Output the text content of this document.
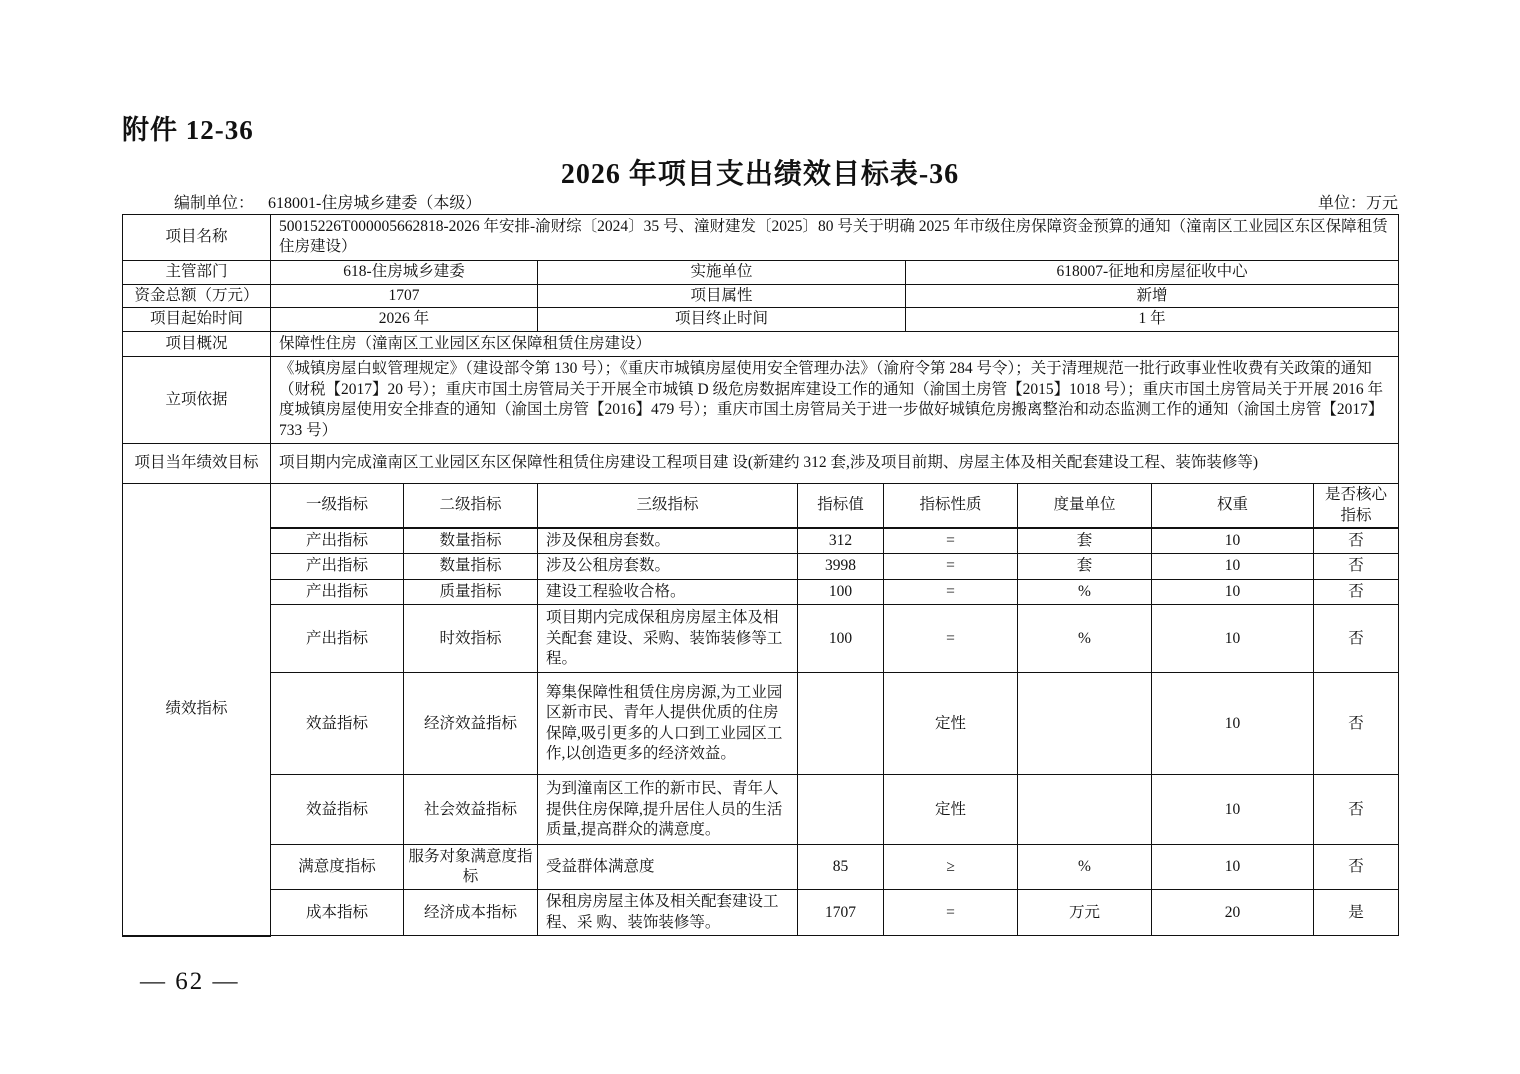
附件 12-36
2026 年项目支出绩效目标表-36
编制单位： 618001-住房城乡建委（本级）	单位：万元
项目名称	50015226T000005662818-2026 年安排-渝财综〔2024〕35 号、潼财建发〔2025〕80 号关于明确 2025 年市级住房保障资金预算的通知（潼南区工业园区东区保障租赁住房建设）								
主管部门	618-住房城乡建委		实施单位			618007-征地和房屋征收中心			
资金总额（万元）	1707		项目属性			新增			
项目起始时间	2026 年		项目终止时间			1 年			
项目概况	保障性住房（潼南区工业园区东区保障租赁住房建设）								
立项依据	《城镇房屋白蚁管理规定》（建设部令第 130 号）；《重庆市城镇房屋使用安全管理办法》（渝府令第 284 号令）；关于清理规范一批行政事业性收费有关政策的通知（财税【2017】20 号）；重庆市国土房管局关于开展全市城镇 D 级危房数据库建设工作的通知（渝国土房管【2015】1018 号）；重庆市国土房管局关于开展 2016 年度城镇房屋使用安全排查的通知（渝国土房管【2016】479 号）；重庆市国土房管局关于进一步做好城镇危房搬离整治和动态监测工作的通知（渝国土房管【2017】733 号）								
项目当年绩效目标	项目期内完成潼南区工业园区东区保障性租赁住房建设工程项目建 设(新建约 312 套,涉及项目前期、房屋主体及相关配套建设工程、装饰装修等)								
绩效指标	一级指标	二级指标	三级指标	指标值	指标性质		度量单位	权重	是否核心指标
	产出指标	数量指标	涉及保租房套数。	312	=		套	10	否
	产出指标	数量指标	涉及公租房套数。	3998	=		套	10	否
	产出指标	质量指标	建设工程验收合格。	100	=		%	10	否
	产出指标	时效指标	项目期内完成保租房房屋主体及相关配套 建设、采购、装饰装修等工程。	100	=		%	10	否
	效益指标	经济效益指标	筹集保障性租赁住房房源,为工业园区新市民、青年人提供优质的住房保障,吸引更多的人口到工业园区工作,以创造更多的经济效益。		定性			10	否
	效益指标	社会效益指标	为到潼南区工作的新市民、青年人提供住房保障,提升居住人员的生活质量,提高群众的满意度。		定性			10	否
	满意度指标	服务对象满意度指标	受益群体满意度	85	≥		%	10	否
	成本指标	经济成本指标	保租房房屋主体及相关配套建设工程、采 购、装饰装修等。	1707	=		万元	20	是
— 62 —
